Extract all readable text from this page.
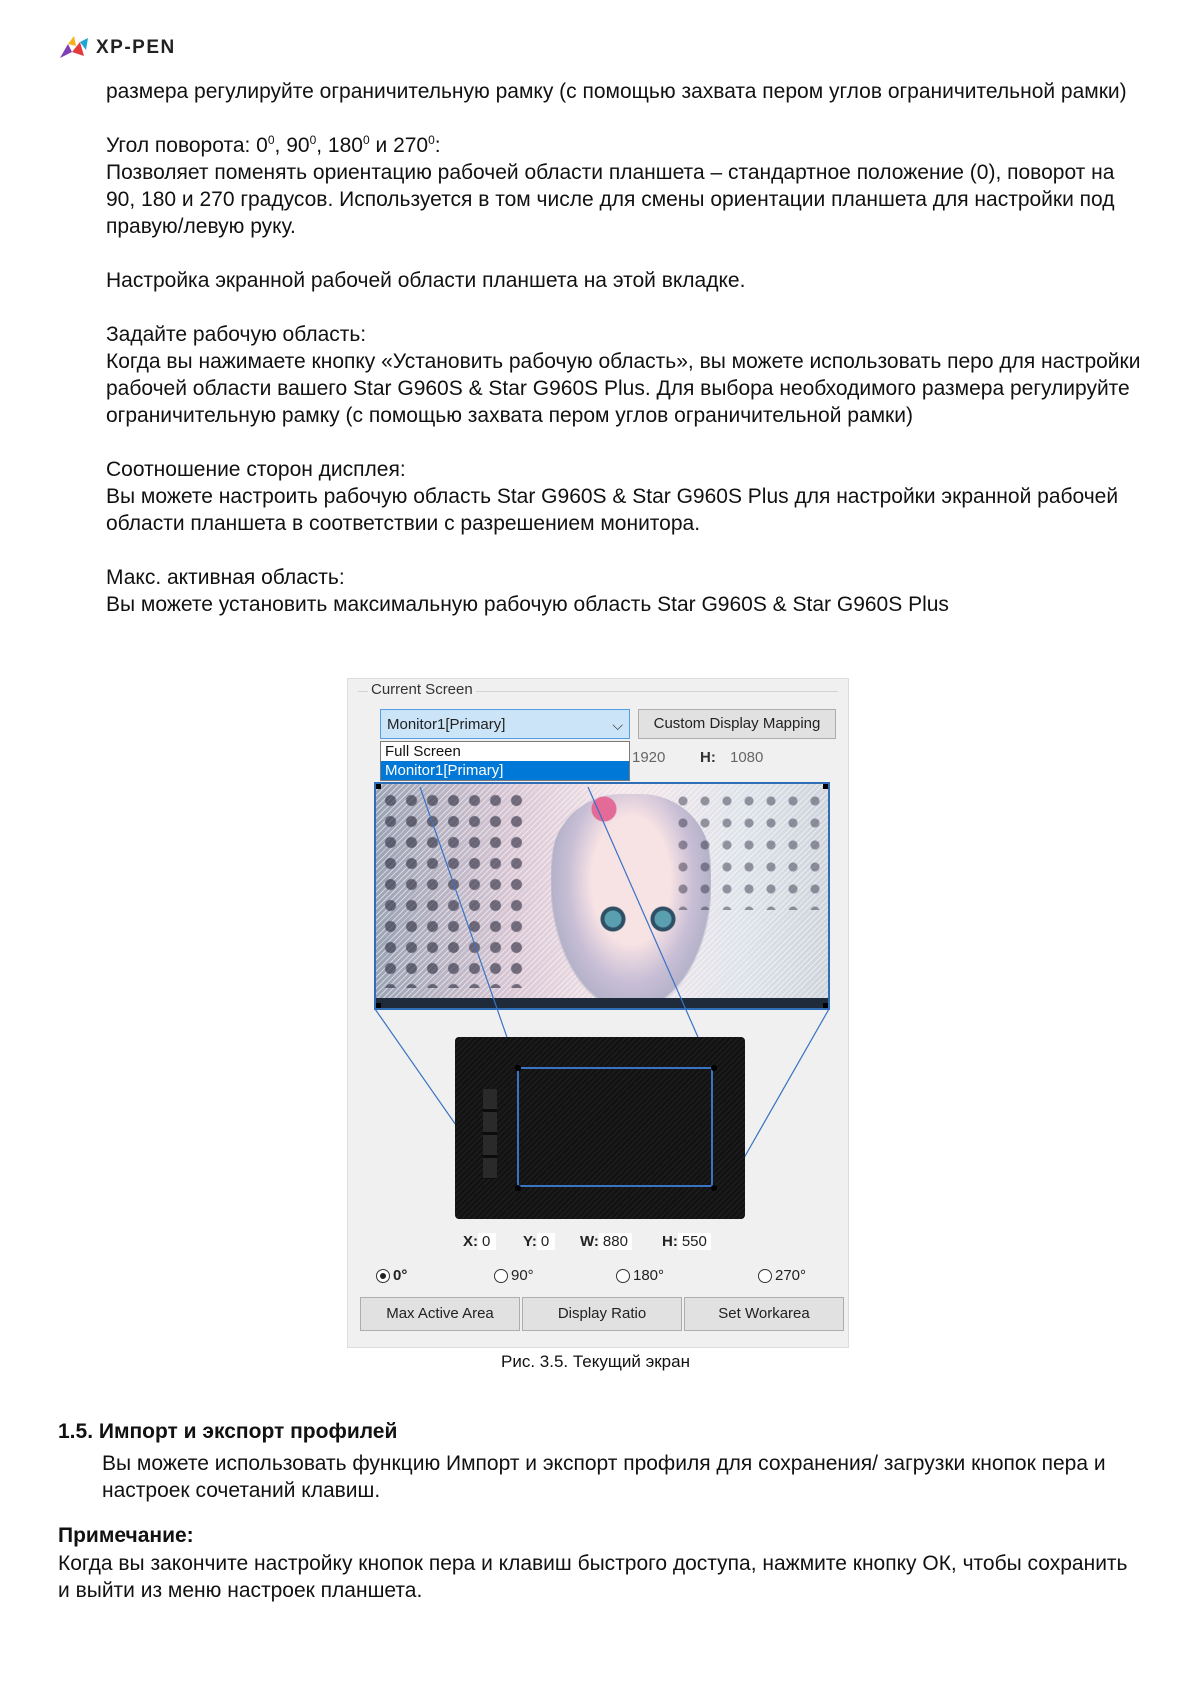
XP-PEN

размера регулируйте ограничительную рамку (с помощью захвата пером углов ограничительной рамки)

Угол поворота: $0^0$, $90^0$, $180^0$ и $270^0$:

Позволяет поменять ориентацию рабочей области планшета – стандартное положение (0), поворот на 90, 180 и 270 градусов. Используется в том числе для смены ориентации планшета для настройки под правую/левую руку.

Настройка экранной рабочей области планшета на этой вкладке.

Задайте рабочую область:

Когда вы нажимаете кнопку «Установить рабочую область», вы можете использовать перо для настройки рабочей области вашего Star G960S & Star G960S Plus. Для выбора необходимого размера регулируйте ограничительную рамку (с помощью захвата пером углов ограничительной рамки)

Соотношение сторон дисплея:

Вы можете настроить рабочую область Star G960S & Star G960S Plus для настройки экранной рабочей области планшета в соответствии с разрешением монитора.

Макс. активная область:

Вы можете установить максимальную рабочую область Star G960S & Star G960S Plus

Current Screen
Monitor1[Primary]	⌵	Custom Display Mapping
Full Screen
Monitor1[Primary]
1920 H: 1080
X: 0	Y: 0	W: 880 H: 550
0°	90°	180°	270°
Max Active Area	Display Ratio	Set Workarea
Рис. 3.5. Текущий экран
1.5. Импорт и экспорт профилей
Вы можете использовать функцию Импорт и экспорт профиля для сохранения/ загрузки кнопок пера и настроек сочетаний клавиш.
Примечание:
Когда вы закончите настройку кнопок пера и клавиш быстрого доступа, нажмите кнопку ОК, чтобы сохранить и выйти из меню настроек планшета.
